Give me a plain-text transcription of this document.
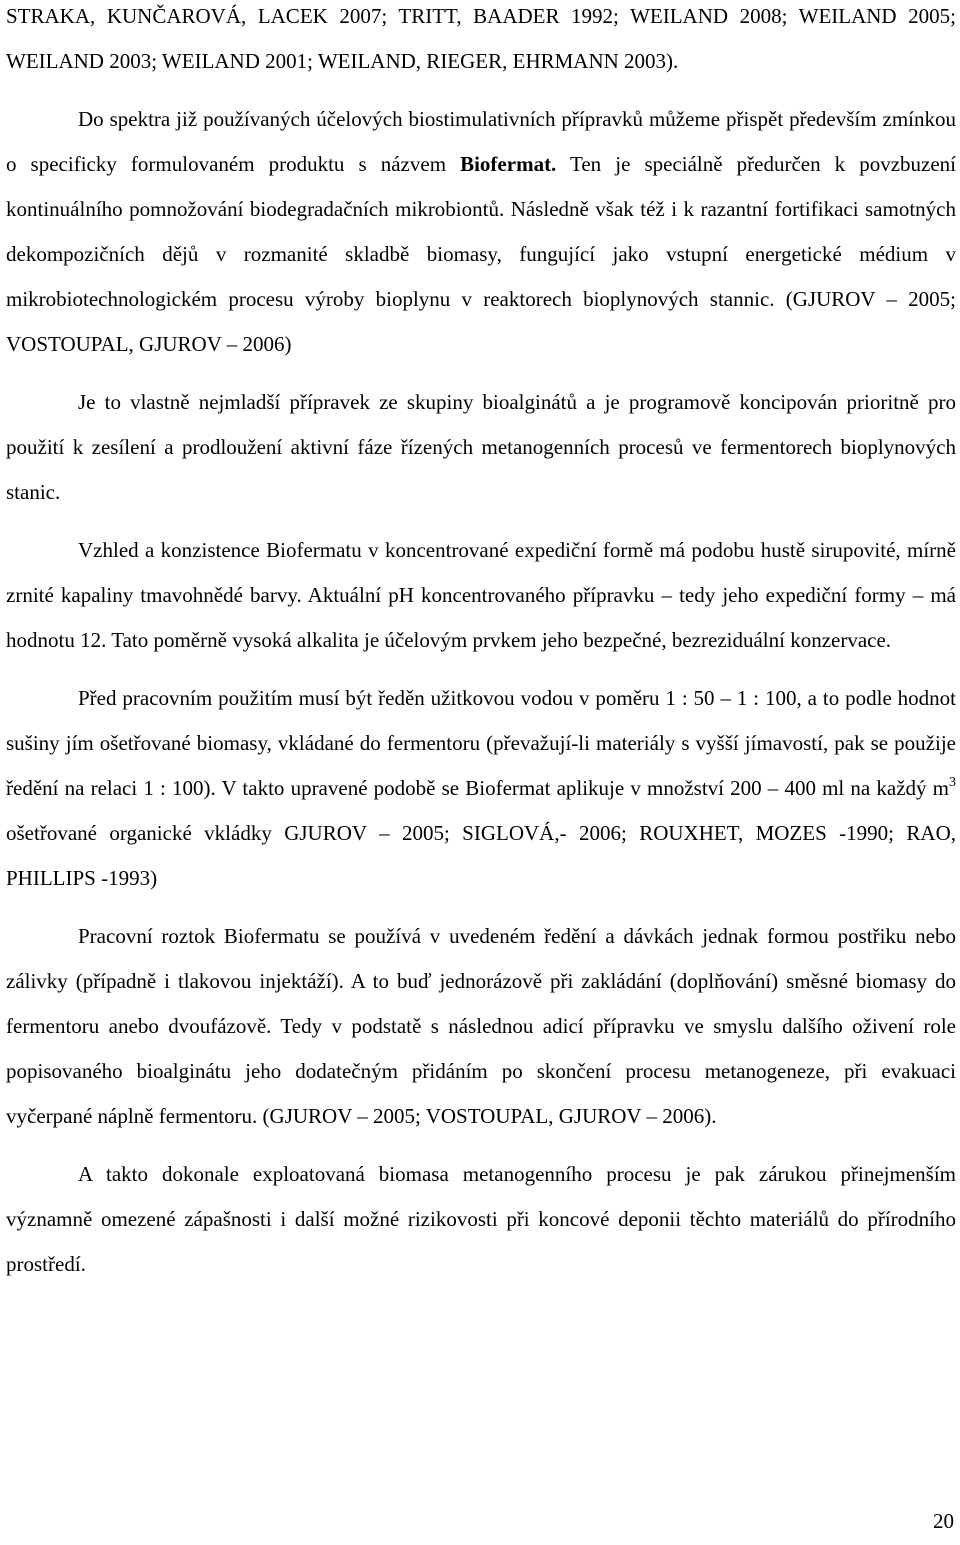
STRAKA, KUNČAROVÁ, LACEK 2007; TRITT, BAADER 1992; WEILAND 2008; WEILAND 2005; WEILAND 2003; WEILAND 2001; WEILAND, RIEGER, EHRMANN 2003).

Do spektra již používaných účelových biostimulativních přípravků můžeme přispět především zmínkou o specificky formulovaném produktu s názvem Biofermat. Ten je speciálně předurčen k povzbuzení kontinuálního pomnožování biodegradačních mikrobiontů. Následně však též i k razantní fortifikaci samotných dekompozičních dějů v rozmanité skladbě biomasy, fungující jako vstupní energetické médium v mikrobiotechnologickém procesu výroby bioplynu v reaktorech bioplynových stannic. (GJUROV – 2005; VOSTOUPAL, GJUROV – 2006)

Je to vlastně nejmladší přípravek ze skupiny bioalginátů a je programově koncipován prioritně pro použití k zesílení a prodloužení aktivní fáze řízených metanogenních procesů ve fermentorech bioplynových stanic.

Vzhled a konzistence Biofermatu v koncentrované expediční formě má podobu hustě sirupovité, mírně zrnité kapaliny tmavohnědé barvy. Aktuální pH koncentrovaného přípravku – tedy jeho expediční formy – má hodnotu 12. Tato poměrně vysoká alkalita je účelovým prvkem jeho bezpečné, bezreziduální konzervace.

Před pracovním použitím musí být ředěn užitkovou vodou v poměru 1 : 50 – 1 : 100, a to podle hodnot sušiny jím ošetřované biomasy, vkládané do fermentoru (převažují-li materiály s vyšší jímavostí, pak se použije ředění na relaci 1 : 100). V takto upravené podobě se Biofermat aplikuje v množství 200 – 400 ml na každý $m^3$ ošetřované organické vkládky GJUROV – 2005; SIGLOVÁ,- 2006; ROUXHET, MOZES -1990; RAO, PHILLIPS -1993)

Pracovní roztok Biofermatu se používá v uvedeném ředění a dávkách jednak formou postřiku nebo zálivky (případně i tlakovou injektáží). A to buď jednorázově při zakládání (doplňování) směsné biomasy do fermentoru anebo dvoufázově. Tedy v podstatě s následnou adicí přípravku ve smyslu dalšího oživení role popisovaného bioalginátu jeho dodatečným přidáním po skončení procesu metanogeneze, při evakuaci vyčerpané náplně fermentoru. (GJUROV – 2005; VOSTOUPAL, GJUROV – 2006).

A takto dokonale exploatovaná biomasa metanogenního procesu je pak zárukou přinejmenším významně omezené zápašnosti i další možné rizikovosti při koncové deponii těchto materiálů do přírodního prostředí.

20
